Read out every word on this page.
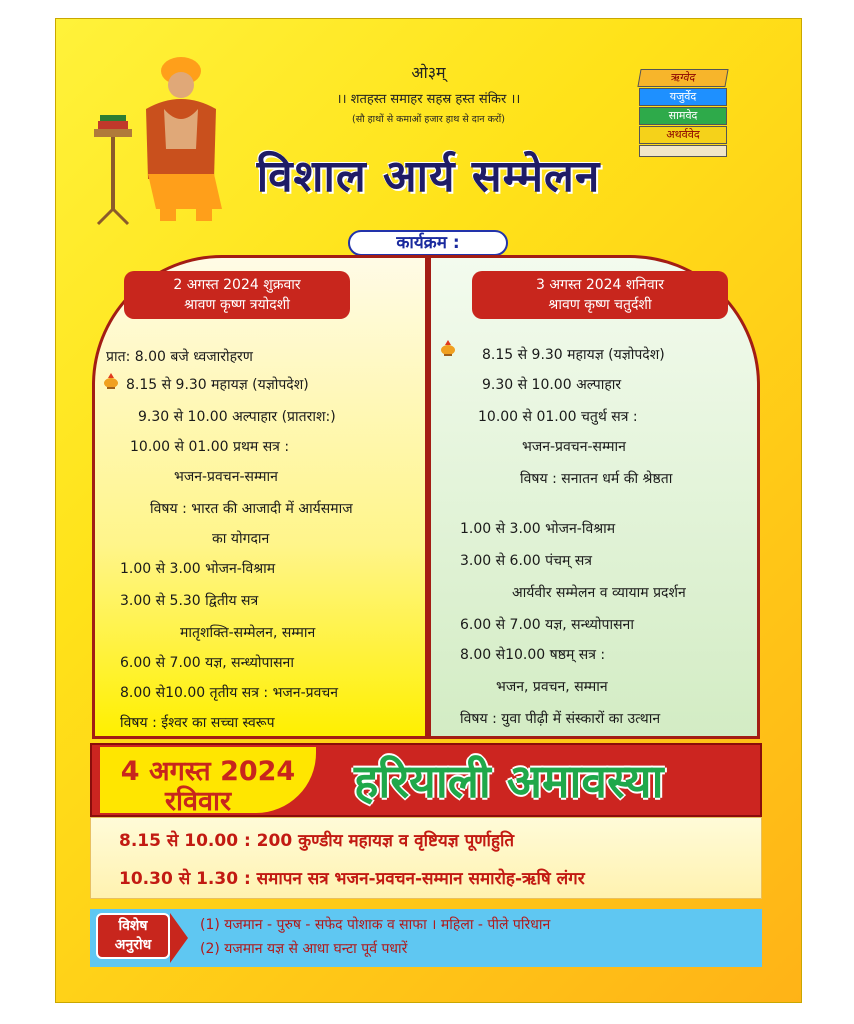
ओ३म्
।। शतहस्त समाहर सहस्र हस्त संकिर ।।
(सौ हाथों से कमाओं हजार हाथ से दान करों)
ऋग्वेद
यजुर्वेद
सामवेद
अथर्ववेद
विशाल आर्य सम्मेलन
कार्यक्रम :
2 अगस्त 2024 शुक्रवार
श्रावण कृष्ण त्रयोदशी
प्रात: 8.00 बजे ध्वजारोहरण
8.15 से 9.30 महायज्ञ (यज्ञोपदेश)
9.30 से 10.00 अल्पाहार (प्रातराश:)
10.00 से 01.00 प्रथम सत्र :
भजन-प्रवचन-सम्मान
विषय : भारत की आजादी में आर्यसमाज
का योगदान
1.00 से 3.00 भोजन-विश्राम
3.00 से 5.30 द्वितीय सत्र
मातृशक्ति-सम्मेलन, सम्मान
6.00 से 7.00 यज्ञ, सन्ध्योपासना
8.00 से10.00 तृतीय सत्र : भजन-प्रवचन
विषय : ईश्वर का सच्चा स्वरूप
3 अगस्त 2024 शनिवार
श्रावण कृष्ण चतुर्दशी
8.15 से 9.30 महायज्ञ (यज्ञोपदेश)
9.30 से 10.00 अल्पाहार
10.00 से 01.00 चतुर्थ सत्र :
भजन-प्रवचन-सम्मान
विषय : सनातन धर्म की श्रेष्ठता
1.00 से 3.00 भोजन-विश्राम
3.00 से 6.00 पंचम् सत्र
आर्यवीर सम्मेलन व व्यायाम प्रदर्शन
6.00 से 7.00 यज्ञ, सन्ध्योपासना
8.00 से10.00 षष्ठम् सत्र :
भजन, प्रवचन, सम्मान
विषय : युवा पीढ़ी में संस्कारों का उत्थान
4 अगस्त 2024
रविवार	हरियाली अमावस्या
8.15 से 10.00 : 200 कुण्डीय महायज्ञ व वृष्टियज्ञ पूर्णाहुति
10.30 से 1.30 : समापन सत्र भजन-प्रवचन-सम्मान समारोह-ऋषि लंगर
विशेष
अनुरोध
(1) यजमान - पुरुष - सफेद पोशाक व साफा । महिला - पीले परिधान
(2) यजमान यज्ञ से आधा घन्टा पूर्व पधारें
